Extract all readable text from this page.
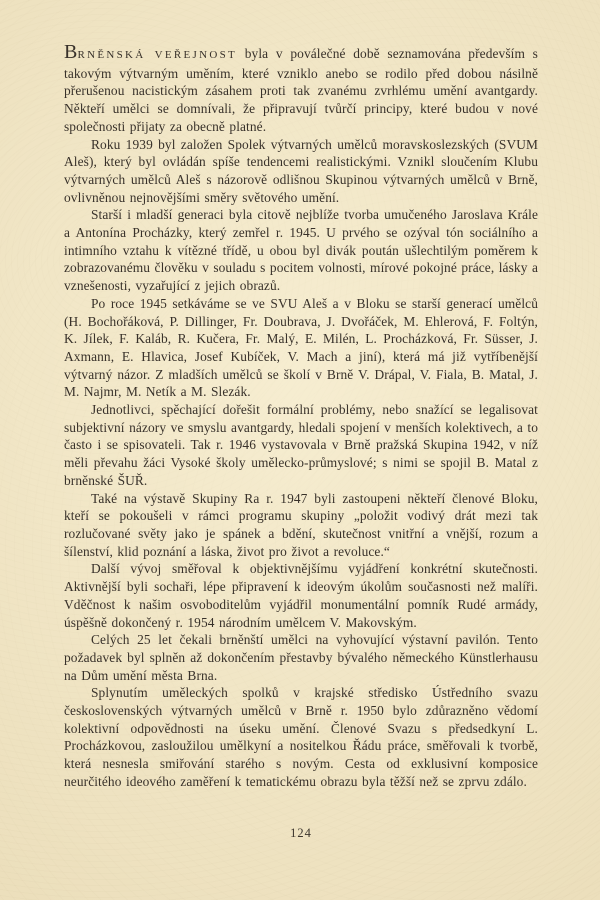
BRNĚNSKÁ VEŘEJNOST byla v poválečné době seznamována především s takovým výtvarným uměním, které vzniklo anebo se rodilo před dobou násilně přerušenou nacistickým zásahem proti tak zvanému zvrhlému umění avantgardy. Někteří umělci se domnívali, že připravují tvůrčí principy, které budou v nové společnosti přijaty za obecně platné.

Roku 1939 byl založen Spolek výtvarných umělců moravskoslezských (SVUM Aleš), který byl ovládán spíše tendencemi realistickými. Vznikl sloučením Klubu výtvarných umělců Aleš s názorově odlišnou Skupinou výtvarných umělců v Brně, ovlivněnou nejnovějšími směry světového umění.

Starší i mladší generaci byla citově nejblíže tvorba umučeného Jaroslava Krále a Antonína Procházky, který zemřel r. 1945. U prvého se ozýval tón sociálního a intimního vztahu k vítězné třídě, u obou byl divák poután ušlechtilým poměrem k zobrazovanému člověku v souladu s pocitem volnosti, mírové pokojné práce, lásky a vznešenosti, vyzařující z jejich obrazů.

Po roce 1945 setkáváme se ve SVU Aleš a v Bloku se starší generací umělců (H. Bochořáková, P. Dillinger, Fr. Doubrava, J. Dvořáček, M. Ehlerová, F. Foltýn, K. Jílek, F. Kaláb, R. Kučera, Fr. Malý, E. Milén, L. Procházková, Fr. Süsser, J. Axmann, E. Hlavica, Josef Kubíček, V. Mach a jiní), která má již vytříbenější výtvarný názor. Z mladších umělců se školí v Brně V. Drápal, V. Fiala, B. Matal, J. M. Najmr, M. Netík a M. Slezák.

Jednotlivci, spěchající dořešit formální problémy, nebo snažící se legalisovat subjektivní názory ve smyslu avantgardy, hledali spojení v menších kolektivech, a to často i se spisovateli. Tak r. 1946 vystavovala v Brně pražská Skupina 1942, v níž měli převahu žáci Vysoké školy umělecko-průmyslové; s nimi se spojil B. Matal z brněnské ŠUŘ.

Také na výstavě Skupiny Ra r. 1947 byli zastoupeni někteří členové Bloku, kteří se pokoušeli v rámci programu skupiny „položit vodivý drát mezi tak rozlučované světy jako je spánek a bdění, skutečnost vnitřní a vnější, rozum a šílenství, klid poznání a láska, život pro život a revoluce.“

Další vývoj směřoval k objektivnějšímu vyjádření konkrétní skutečnosti. Aktivnější byli sochaři, lépe připravení k ideovým úkolům současnosti než malíři. Vděčnost k našim osvoboditelům vyjádřil monumentální pomník Rudé armády, úspěšně dokončený r. 1954 národním umělcem V. Makovským.

Celých 25 let čekali brněnští umělci na vyhovující výstavní pavilón. Tento požadavek byl splněn až dokončením přestavby bývalého německého Künstlerhausu na Dům umění města Brna.

Splynutím uměleckých spolků v krajské středisko Ústředního svazu československých výtvarných umělců v Brně r. 1950 bylo zdůrazněno vědomí kolektivní odpovědnosti na úseku umění. Členové Svazu s předsedkyní L. Procházkovou, zasloužilou umělkyní a nositelkou Řádu práce, směřovali k tvorbě, která nesnesla smiřování starého s novým. Cesta od exklusivní komposice neurčitého ideového zaměření k tematickému obrazu byla těžší než se zprvu zdálo.

124
